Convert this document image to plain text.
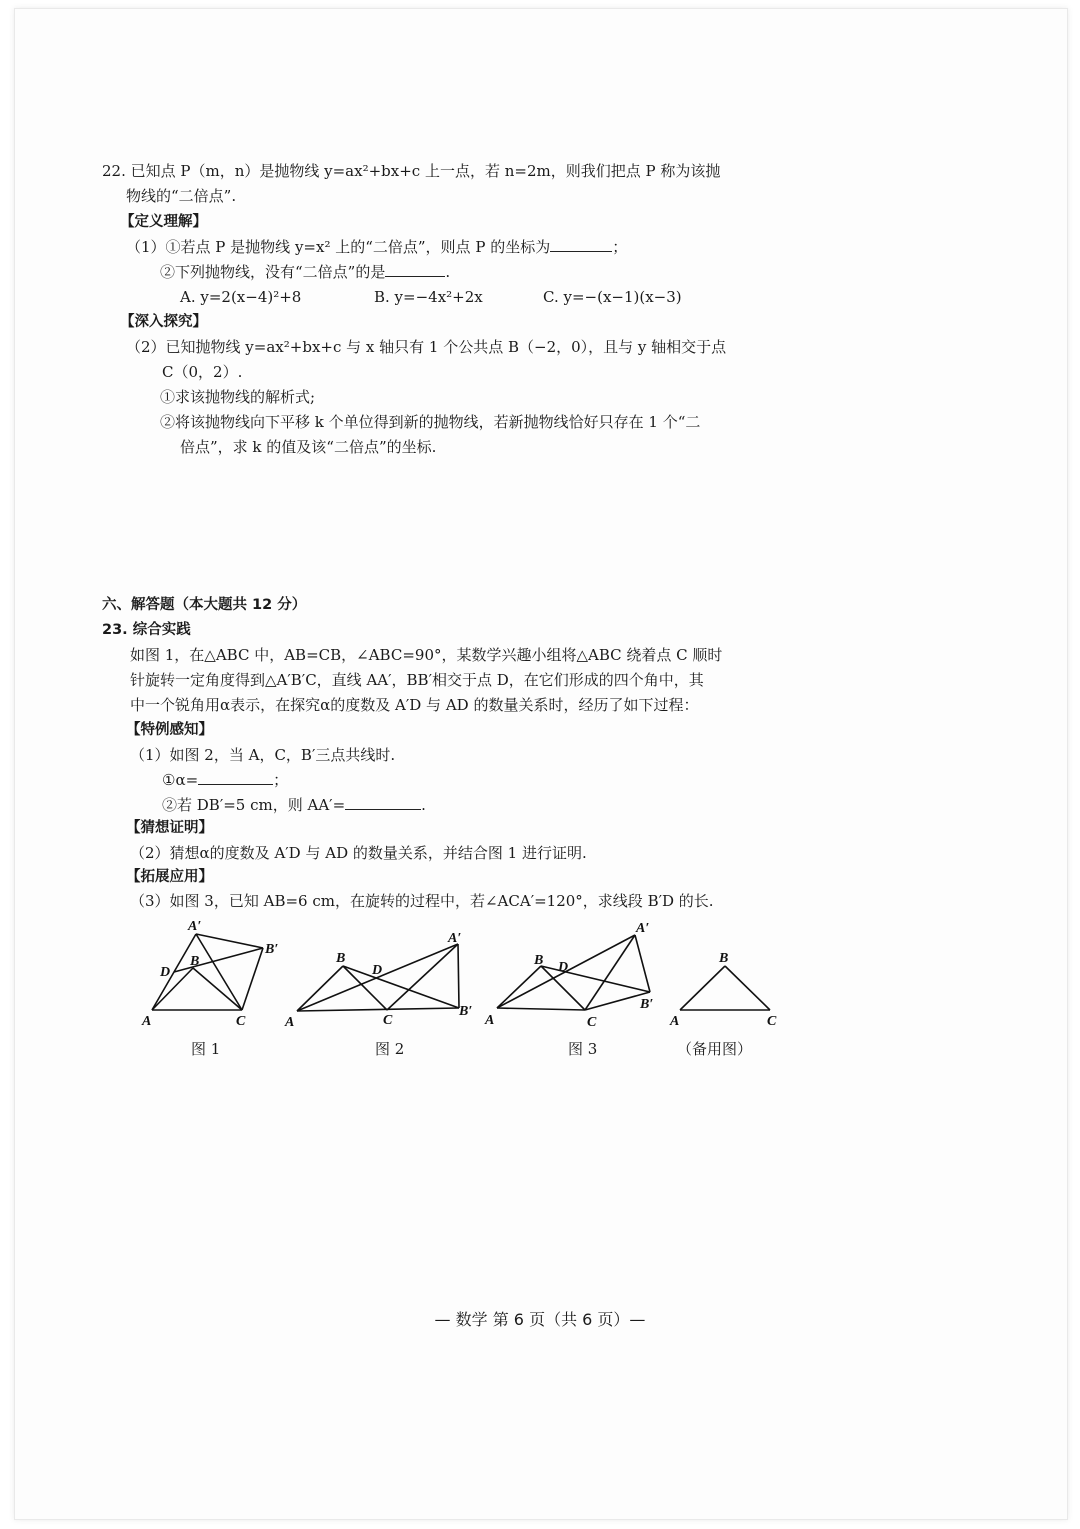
22. 已知点 P（m，n）是抛物线 y=ax²+bx+c 上一点，若 n=2m，则我们把点 P 称为该抛
物线的“二倍点”.
【定义理解】
（1）①若点 P 是抛物线 y=x² 上的“二倍点”，则点 P 的坐标为	；
②下列抛物线，没有“二倍点”的是	.
A. y=2(x−4)²+8	B. y=−4x²+2x	C. y=−(x−1)(x−3)
【深入探究】
（2）已知抛物线 y=ax²+bx+c 与 x 轴只有 1 个公共点 B（−2，0），且与 y 轴相交于点
C（0，2）.
①求该抛物线的解析式;
②将该抛物线向下平移 k 个单位得到新的抛物线，若新抛物线恰好只存在 1 个“二
倍点”，求 k 的值及该“二倍点”的坐标.
六、解答题（本大题共 12 分）
23. 综合实践
如图 1，在△ABC 中，AB=CB，∠ABC=90°，某数学兴趣小组将△ABC 绕着点 C 顺时
针旋转一定角度得到△A′B′C，直线 AA′，BB′相交于点 D，在它们形成的四个角中，其
中一个锐角用α表示，在探究α的度数及 A′D 与 AD 的数量关系时，经历了如下过程：
【特例感知】
（1）如图 2，当 A，C，B′三点共线时.
①α=	；
②若 DB′=5 cm，则 AA′=	.
【猜想证明】
（2）猜想α的度数及 A′D 与 AD 的数量关系，并结合图 1 进行证明.
【拓展应用】
（3）如图 3，已知 AB=6 cm，在旋转的过程中，若∠ACA′=120°，求线段 B′D 的长.
A′
B′
B
D
A	C
A′
B
D
A	C
B′
A′
B D
B′
A	C
B
A	C
图 1	图 2	图 3	（备用图）
— 数学 第 6 页（共 6 页）—
